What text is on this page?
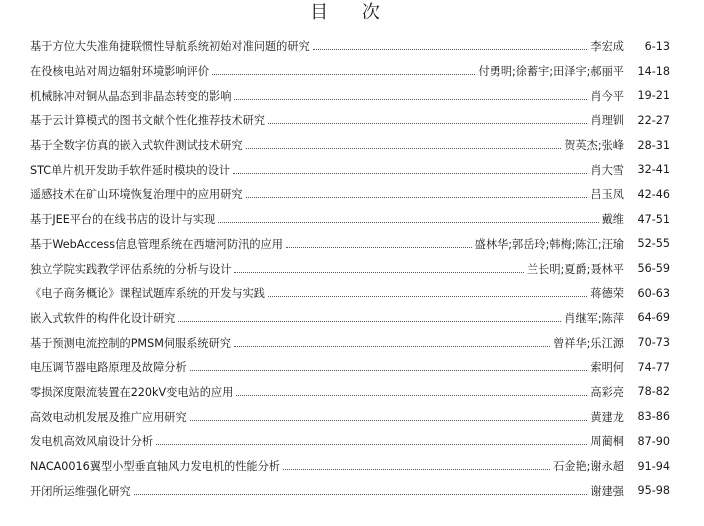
目 次
基于方位大失准角捷联惯性导航系统初始对准问题的研究	李宏成	6-13
在役核电站对周边辐射环境影响评价	付勇明;徐蓄宇;田泽宇;郝丽平	14-18
机械脉冲对铜从晶态到非晶态转变的影响	肖今平	19-21
基于云计算模式的图书文献个性化推荐技术研究	肖理钏	22-27
基于全数字仿真的嵌入式软件测试技术研究	贺英杰;张峰	28-31
STC单片机开发助手软件延时模块的设计	肖大雪	32-41
遥感技术在矿山环境恢复治理中的应用研究	吕玉凤	42-46
基于JEE平台的在线书店的设计与实现	戴维	47-51
基于WebAccess信息管理系统在西塘河防汛的应用	盛林华;郭岳玲;韩梅;陈江;汪瑜	52-55
独立学院实践教学评估系统的分析与设计	兰长明;夏爵;聂林平	56-59
《电子商务概论》课程试题库系统的开发与实践	蒋德荣	60-63
嵌入式软件的构件化设计研究	肖继军;陈萍	64-69
基于预测电流控制的PMSM伺服系统研究	曾祥华;乐江源	70-73
电压调节器电路原理及故障分析	索明何	74-77
零损深度限流装置在220kV变电站的应用	高彩亮	78-82
高效电动机发展及推广应用研究	黄建龙	83-86
发电机高效风扇设计分析	周蔺桐	87-90
NACA0016翼型小型垂直轴风力发电机的性能分析	石金艳;谢永超	91-94
开闭所运维强化研究	谢建强	95-98
